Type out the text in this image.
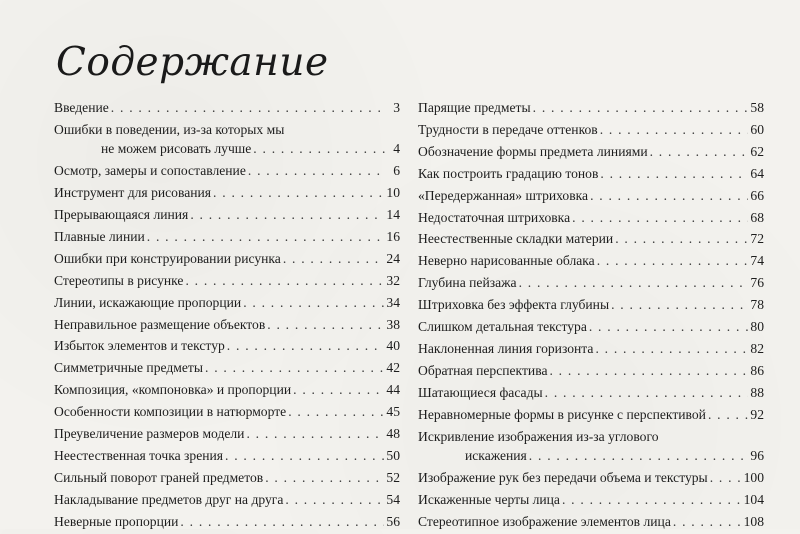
Содержание
Введение . . .	3
Ошибки в поведении, из-за которых мы
не можем рисовать лучше . . .	4
Осмотр, замеры и сопоставление . . .	6
Инструмент для рисования . . .	10
Прерывающаяся линия . . .	14
Плавные линии . . .	16
Ошибки при конструировании рисунка . . .	24
Стереотипы в рисунке . . .	32
Линии, искажающие пропорции . . .	34
Неправильное размещение объектов . . .	38
Избыток элементов и текстур . . .	40
Симметричные предметы . . .	42
Композиция, «компоновка» и пропорции . . .	44
Особенности композиции в натюрморте . . .	45
Преувеличение размеров модели . . .	48
Неестественная точка зрения . . .	50
Сильный поворот граней предметов . . .	52
Накладывание предметов друг на друга . . .	54
Неверные пропорции . . .	56
Парящие предметы . . .	58
Трудности в передаче оттенков . . .	60
Обозначение формы предмета линиями . . .	62
Как построить градацию тонов . . .	64
«Передержанная» штриховка . . .	66
Недостаточная штриховка . . .	68
Неестественные складки материи . . .	72
Неверно нарисованные облака . . .	74
Глубина пейзажа . . .	76
Штриховка без эффекта глубины . . .	78
Слишком детальная текстура . . .	80
Наклоненная линия горизонта . . .	82
Обратная перспектива . . .	86
Шатающиеся фасады . . .	88
Неравномерные формы в рисунке с перспективой . . .	92
Искривление изображения из-за углового
искажения . . .	96
Изображение рук без передачи объема и текстуры . . .	100
Искаженные черты лица . . .	104
Стереотипное изображение элементов лица . . .	108
